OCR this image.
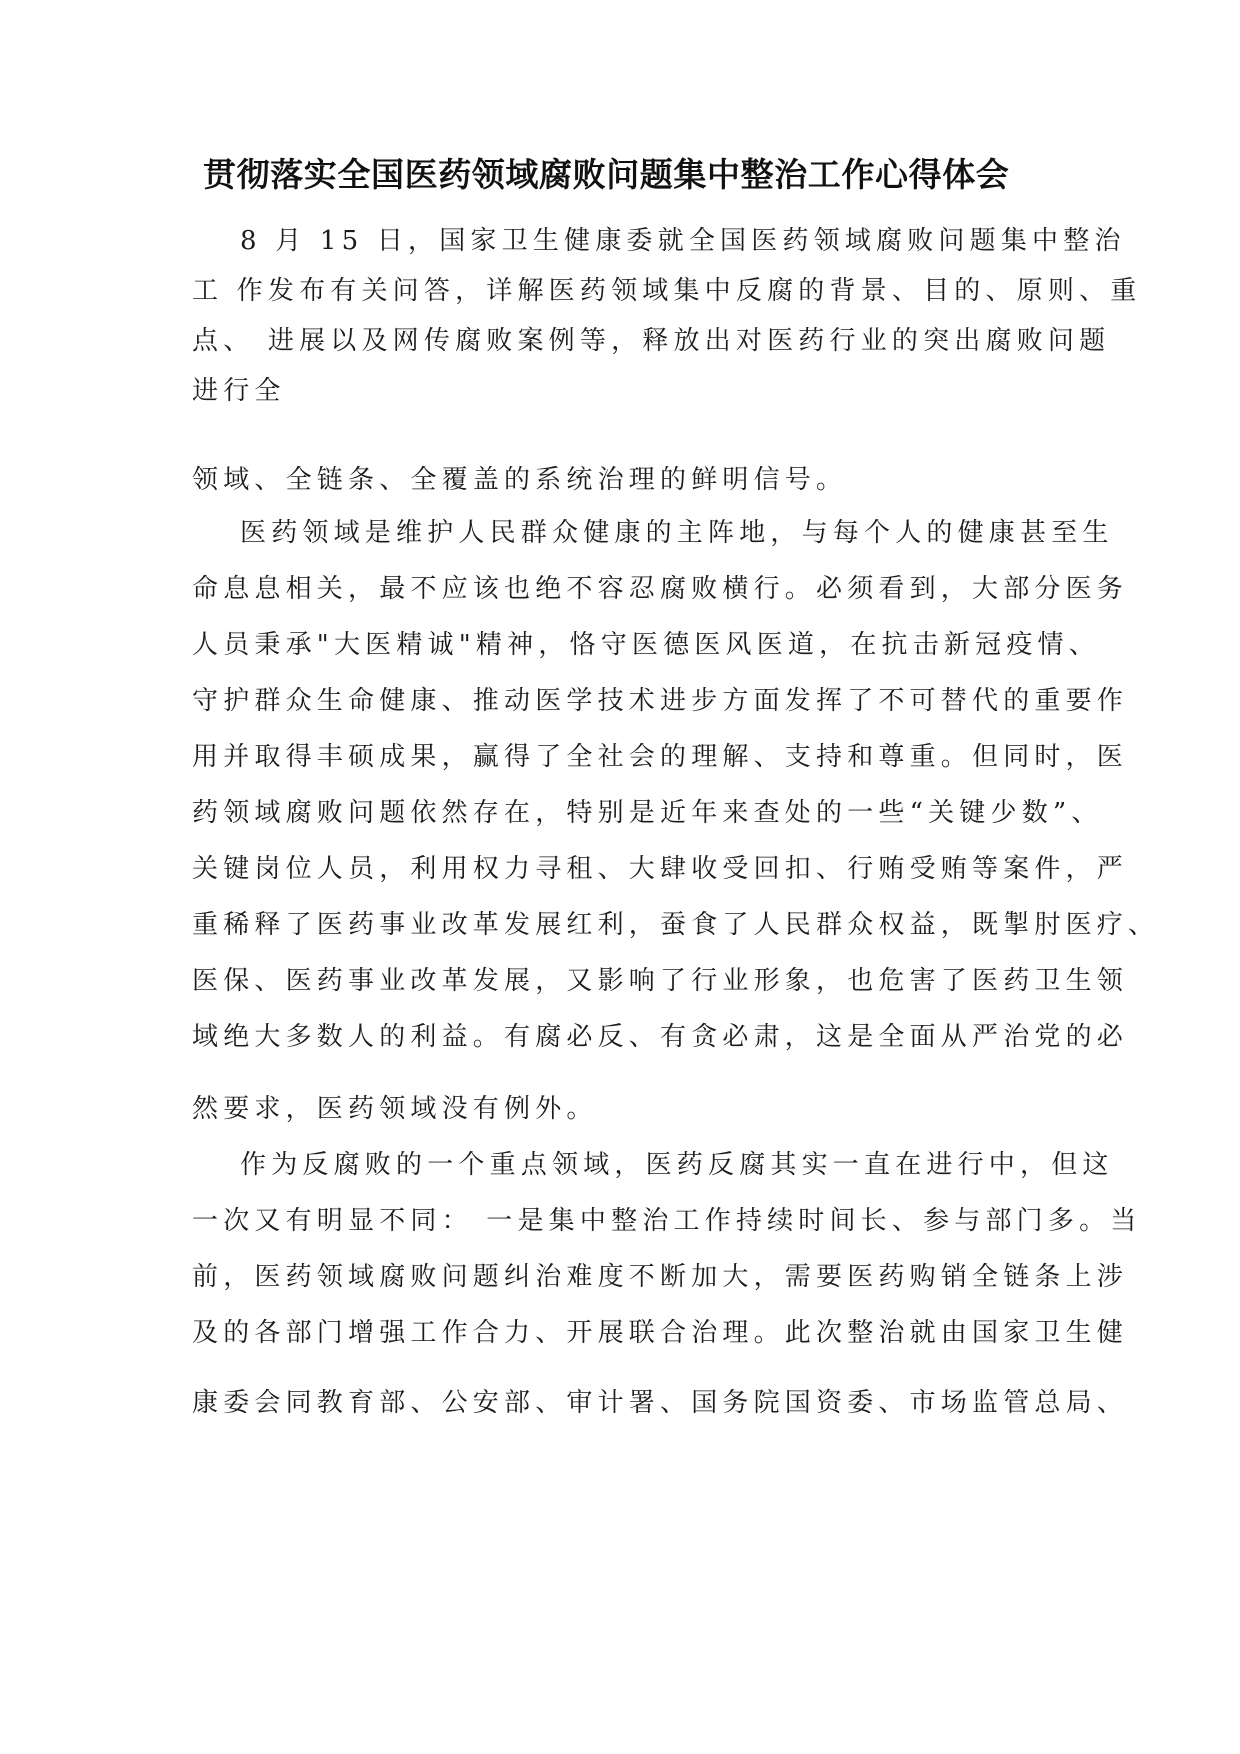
贯彻落实全国医药领域腐败问题集中整治工作心得体会
8 月 15 日，国家卫生健康委就全国医药领域腐败问题集中整治
工 作发布有关问答，详解医药领域集中反腐的背景、目的、原则、重
点、 进展以及网传腐败案例等，释放出对医药行业的突出腐败问题
进行全
领域、全链条、全覆盖的系统治理的鲜明信号。
医药领域是维护人民群众健康的主阵地，与每个人的健康甚至生
命息息相关，最不应该也绝不容忍腐败横行。必须看到，大部分医务
人员秉承"大医精诚"精神，恪守医德医风医道，在抗击新冠疫情、
守护群众生命健康、推动医学技术进步方面发挥了不可替代的重要作
用并取得丰硕成果，赢得了全社会的理解、支持和尊重。但同时，医
药领域腐败问题依然存在，特别是近年来查处的一些“关键少数”、
关键岗位人员，利用权力寻租、大肆收受回扣、行贿受贿等案件，严
重稀释了医药事业改革发展红利，蚕食了人民群众权益，既掣肘医疗、
医保、医药事业改革发展，又影响了行业形象，也危害了医药卫生领
域绝大多数人的利益。有腐必反、有贪必肃，这是全面从严治党的必
然要求，医药领域没有例外。
作为反腐败的一个重点领域，医药反腐其实一直在进行中，但这
一次又有明显不同： 一是集中整治工作持续时间长、参与部门多。当
前，医药领域腐败问题纠治难度不断加大，需要医药购销全链条上涉
及的各部门增强工作合力、开展联合治理。此次整治就由国家卫生健
康委会同教育部、公安部、审计署、国务院国资委、市场监管总局、
